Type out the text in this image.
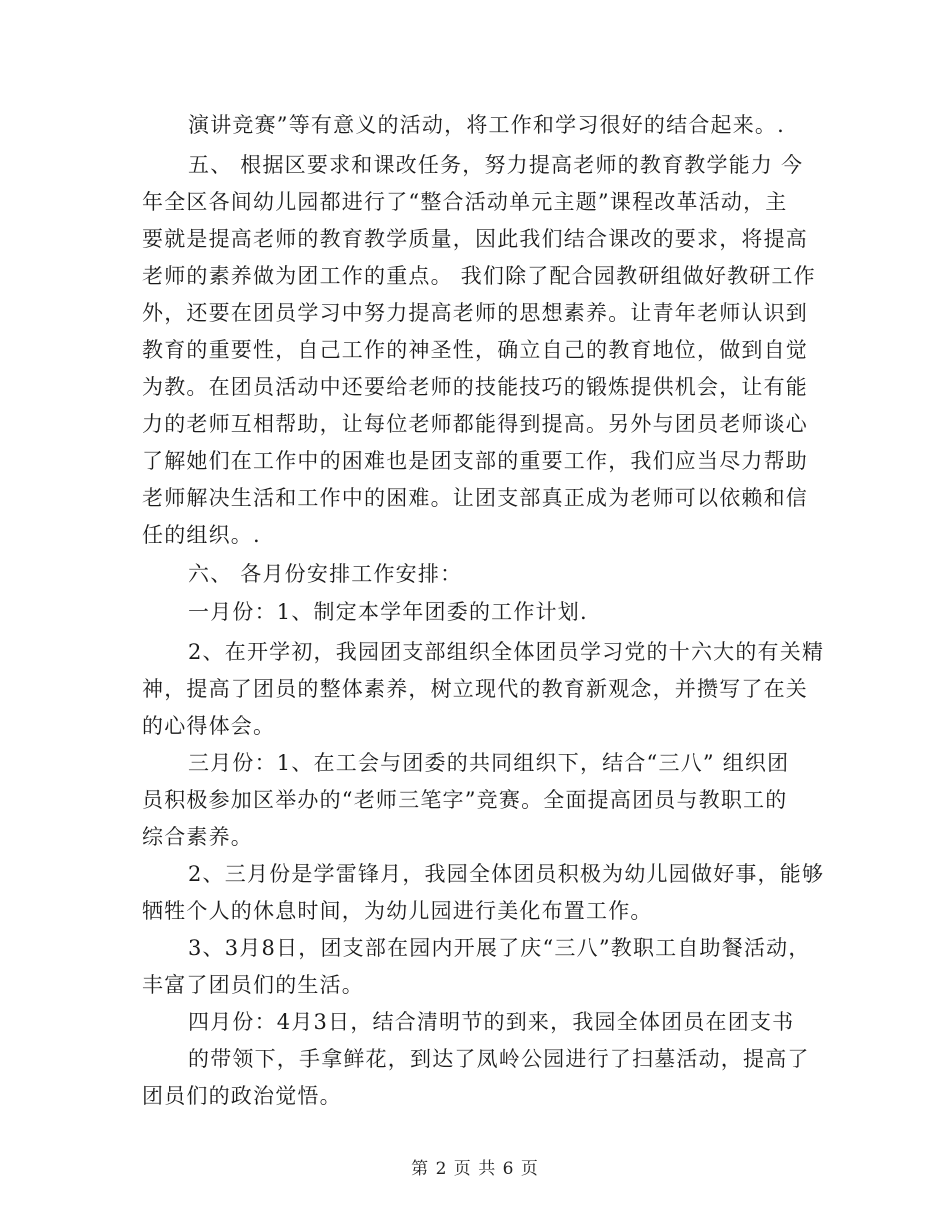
演讲竞赛”等有意义的活动，将工作和学习很好的结合起来。.
五、 根据区要求和课改任务，努力提高老师的教育教学能力 今
年全区各间幼儿园都进行了“整合活动单元主题”课程改革活动，主
要就是提高老师的教育教学质量，因此我们结合课改的要求，将提高
老师的素养做为团工作的重点。 我们除了配合园教研组做好教研工作
外，还要在团员学习中努力提高老师的思想素养。让青年老师认识到
教育的重要性，自己工作的神圣性，确立自己的教育地位，做到自觉
为教。在团员活动中还要给老师的技能技巧的锻炼提供机会，让有能
力的老师互相帮助，让每位老师都能得到提高。另外与团员老师谈心
了解她们在工作中的困难也是团支部的重要工作，我们应当尽力帮助
老师解决生活和工作中的困难。让团支部真正成为老师可以依赖和信
任的组织。.
六、 各月份安排工作安排：
一月份：1、制定本学年团委的工作计划.
2、在开学初，我园团支部组织全体团员学习党的十六大的有关精
神，提高了团员的整体素养，树立现代的教育新观念，并攒写了在关
的心得体会。
三月份：1、在工会与团委的共同组织下，结合“三八” 组织团
员积极参加区举办的“老师三笔字”竞赛。全面提高团员与教职工的
综合素养。
2、三月份是学雷锋月，我园全体团员积极为幼儿园做好事，能够
牺牲个人的休息时间，为幼儿园进行美化布置工作。
3、3月8日，团支部在园内开展了庆“三八”教职工自助餐活动，
丰富了团员们的生活。
四月份：4月3日，结合清明节的到来，我园全体团员在团支书
的带领下，手拿鲜花，到达了凤岭公园进行了扫墓活动，提高了
团员们的政治觉悟。
第 2 页 共 6 页
